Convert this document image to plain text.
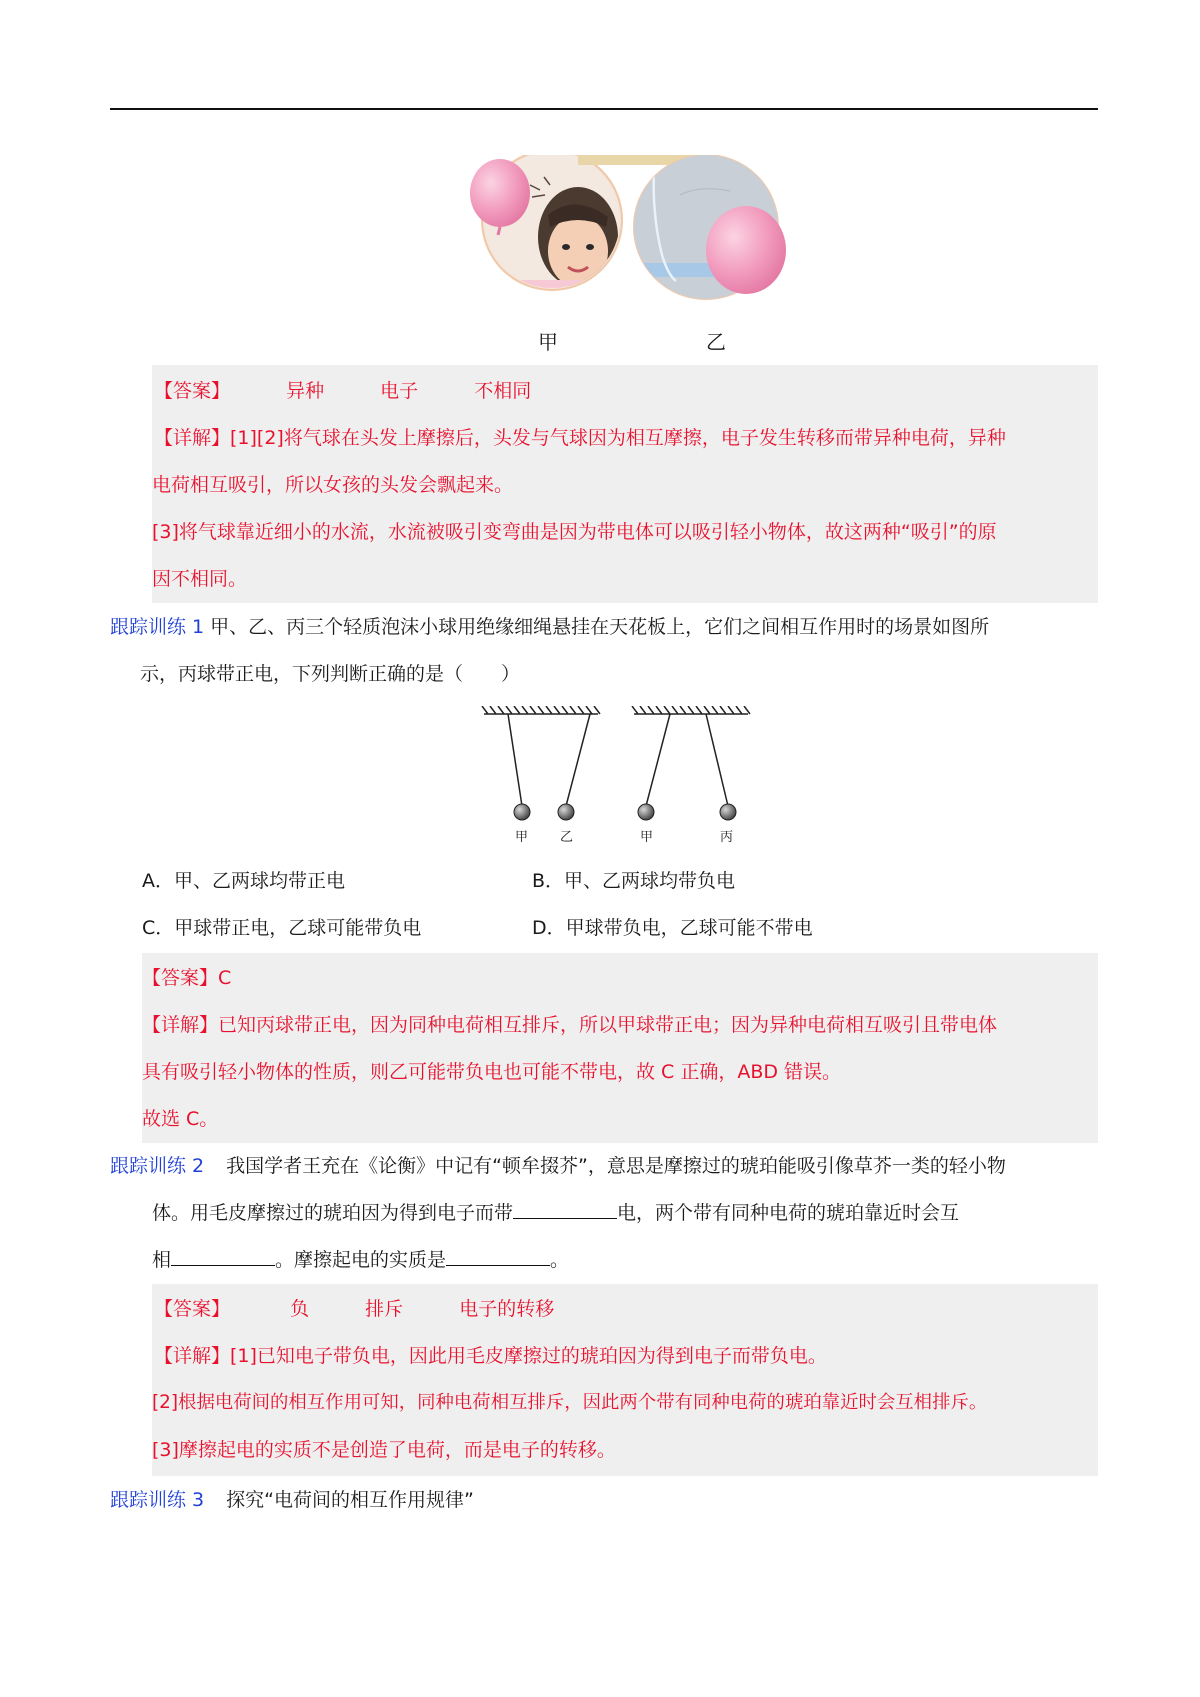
甲	乙
【答案】	异种	电子	不相同
【详解】[1][2]将气球在头发上摩擦后，头发与气球因为相互摩擦，电子发生转移而带异种电荷，异种
电荷相互吸引，所以女孩的头发会飘起来。
[3]将气球靠近细小的水流，水流被吸引变弯曲是因为带电体可以吸引轻小物体，故这两种“吸引”的原
因不相同。
跟踪训练 1 甲、乙、丙三个轻质泡沫小球用绝缘细绳悬挂在天花板上，它们之间相互作用时的场景如图所
示，丙球带正电，下列判断正确的是（　　）
甲 乙	甲	丙
A．甲、乙两球均带正电	B．甲、乙两球均带负电
C．甲球带正电，乙球可能带负电	D．甲球带负电，乙球可能不带电
【答案】C
【详解】已知丙球带正电，因为同种电荷相互排斥，所以甲球带正电；因为异种电荷相互吸引且带电体
具有吸引轻小物体的性质，则乙可能带负电也可能不带电，故 C 正确，ABD 错误。
故选 C。
跟踪训练 2 我国学者王充在《论衡》中记有“顿牟掇芥”，意思是摩擦过的琥珀能吸引像草芥一类的轻小物
体。用毛皮摩擦过的琥珀因为得到电子而带	电，两个带有同种电荷的琥珀靠近时会互
相	。摩擦起电的实质是	。
【答案】	负	排斥	电子的转移
【详解】[1]已知电子带负电，因此用毛皮摩擦过的琥珀因为得到电子而带负电。
[2]根据电荷间的相互作用可知，同种电荷相互排斥，因此两个带有同种电荷的琥珀靠近时会互相排斥。
[3]摩擦起电的实质不是创造了电荷，而是电子的转移。
跟踪训练 3 探究“电荷间的相互作用规律”
